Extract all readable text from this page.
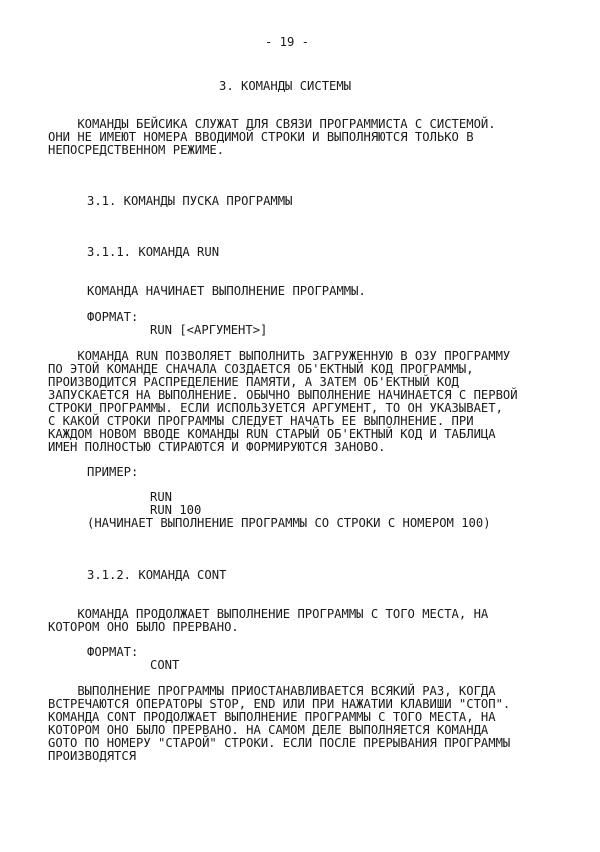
- 19 -
3. КОМАНДЫ СИСТЕМЫ
КОМАНДЫ БЕЙСИКА СЛУЖАТ ДЛЯ СВЯЗИ ПРОГРАММИСТА С СИСТЕМОЙ.
ОНИ НЕ ИМЕЮТ НОМЕРА ВВОДИМОЙ СТРОКИ И ВЫПОЛНЯЮТСЯ ТОЛЬКО В
НЕПОСРЕДСТВЕННОМ РЕЖИМЕ.
3.1. КОМАНДЫ ПУСКА ПРОГРАММЫ
3.1.1. КОМАНДА RUN
КОМАНДА НАЧИНАЕТ ВЫПОЛНЕНИЕ ПРОГРАММЫ.
ФОРМАТ:
RUN [<АРГУМЕНТ>]
КОМАНДА RUN ПОЗВОЛЯЕТ ВЫПОЛНИТЬ ЗАГРУЖЕННУЮ В ОЗУ ПРОГРАММУ
ПО ЭТОЙ КОМАНДЕ СНАЧАЛА СОЗДАЕТСЯ ОБ'ЕКТНЫЙ КОД ПРОГРАММЫ,
ПРОИЗВОДИТСЯ РАСПРЕДЕЛЕНИЕ ПАМЯТИ, А ЗАТЕМ ОБ'ЕКТНЫЙ КОД
ЗАПУСКАЕТСЯ НА ВЫПОЛНЕНИЕ. ОБЫЧНО ВЫПОЛНЕНИЕ НАЧИНАЕТСЯ С ПЕРВОЙ
СТРОКИ ПРОГРАММЫ. ЕСЛИ ИСПОЛЬЗУЕТСЯ АРГУМЕНТ, ТО ОН УКАЗЫВАЕТ,
С КАКОЙ СТРОКИ ПРОГРАММЫ СЛЕДУЕТ НАЧАТЬ ЕЕ ВЫПОЛНЕНИЕ. ПРИ
КАЖДОМ НОВОМ ВВОДЕ КОМАНДЫ RUN СТАРЫЙ ОБ'ЕКТНЫЙ КОД И ТАБЛИЦА
ИМЕН ПОЛНОСТЬЮ СТИРАЮТСЯ И ФОРМИРУЮТСЯ ЗАНОВО.
ПРИМЕР:
RUN
RUN 100
(НАЧИНАЕТ ВЫПОЛНЕНИЕ ПРОГРАММЫ СО СТРОКИ С НОМЕРОМ 100)
3.1.2. КОМАНДА CONT
КОМАНДА ПРОДОЛЖАЕТ ВЫПОЛНЕНИЕ ПРОГРАММЫ С ТОГО МЕСТА, НА
КОТОРОМ ОНО БЫЛО ПРЕРВАНО.
ФОРМАТ:
CONT
ВЫПОЛНЕНИЕ ПРОГРАММЫ ПРИОСТАНАВЛИВАЕТСЯ ВСЯКИЙ РАЗ, КОГДА
ВСТРЕЧАЮТСЯ ОПЕРАТОРЫ STOP, END ИЛИ ПРИ НАЖАТИИ КЛАВИШИ "СТОП".
КОМАНДА CONT ПРОДОЛЖАЕТ ВЫПОЛНЕНИЕ ПРОГРАММЫ С ТОГО МЕСТА, НА
КОТОРОМ ОНО БЫЛО ПРЕРВАНО. НА САМОМ ДЕЛЕ ВЫПОЛНЯЕТСЯ КОМАНДА
GOTO ПО НОМЕРУ "СТАРОЙ" СТРОКИ. ЕСЛИ ПОСЛЕ ПРЕРЫВАНИЯ ПРОГРАММЫ
ПРОИЗВОДЯТСЯ
